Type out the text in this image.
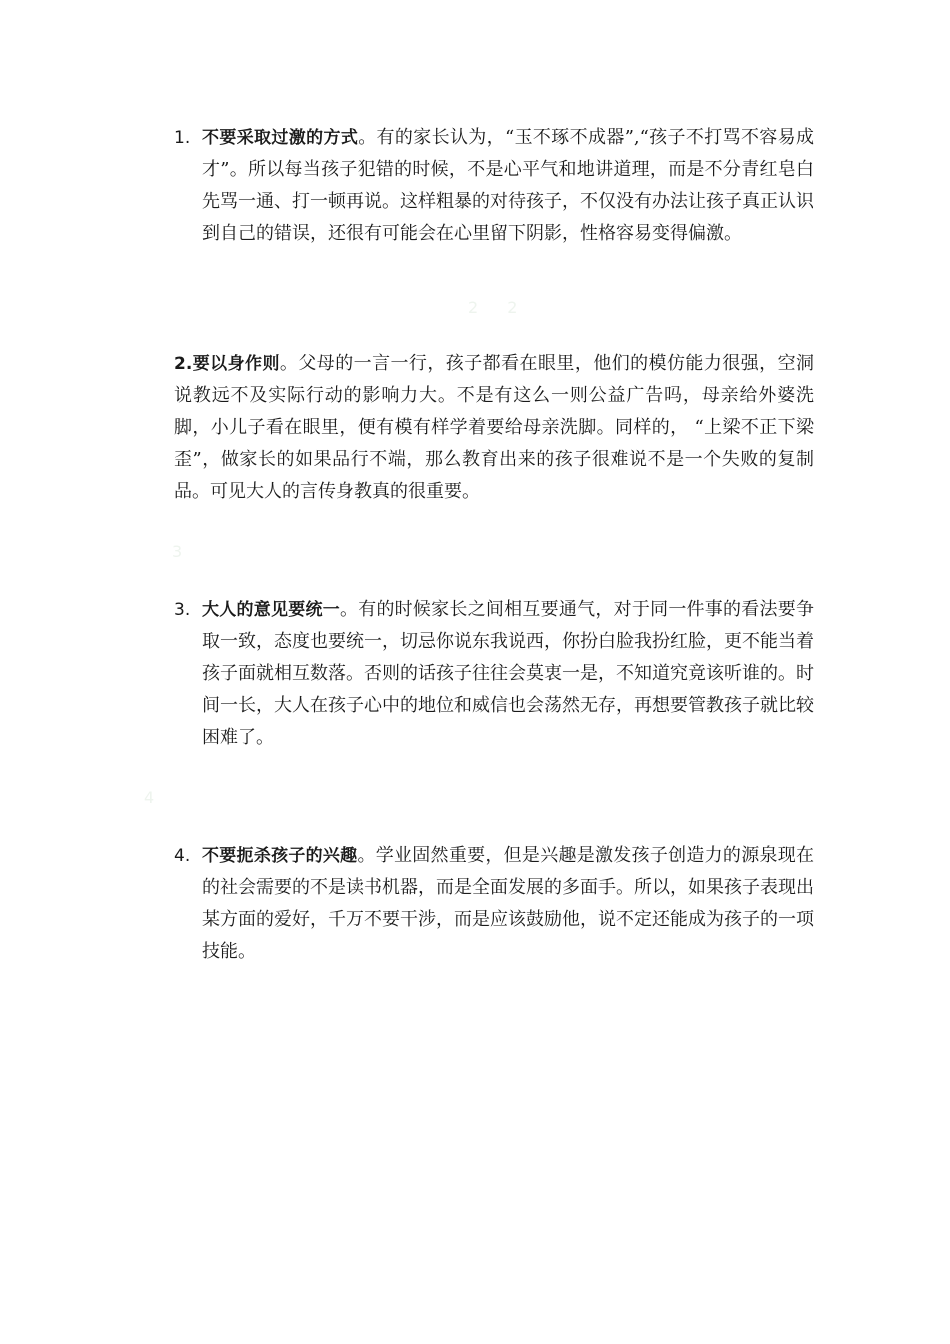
1. 不要采取过激的方式。有的家长认为，“玉不琢不成器”,“孩子不打骂不容易成才”。所以每当孩子犯错的时候，不是心平气和地讲道理，而是不分青红皂白先骂一通、打一顿再说。这样粗暴的对待孩子，不仅没有办法让孩子真正认识到自己的错误，还很有可能会在心里留下阴影，性格容易变得偏激。
2 2
2.要以身作则。父母的一言一行，孩子都看在眼里，他们的模仿能力很强，空洞说教远不及实际行动的影响力大。不是有这么一则公益广告吗，母亲给外婆洗脚，小儿子看在眼里，便有模有样学着要给母亲洗脚。同样的， “上梁不正下梁歪”，做家长的如果品行不端，那么教育出来的孩子很难说不是一个失败的复制品。可见大人的言传身教真的很重要。
3
3. 大人的意见要统一。有的时候家长之间相互要通气，对于同一件事的看法要争取一致，态度也要统一，切忌你说东我说西，你扮白脸我扮红脸，更不能当着孩子面就相互数落。否则的话孩子往往会莫衷一是，不知道究竟该听谁的。时间一长，大人在孩子心中的地位和威信也会荡然无存，再想要管教孩子就比较困难了。
4
4. 不要扼杀孩子的兴趣。学业固然重要，但是兴趣是激发孩子创造力的源泉现在的社会需要的不是读书机器，而是全面发展的多面手。所以，如果孩子表现出某方面的爱好，千万不要干涉，而是应该鼓励他，说不定还能成为孩子的一项技能。
